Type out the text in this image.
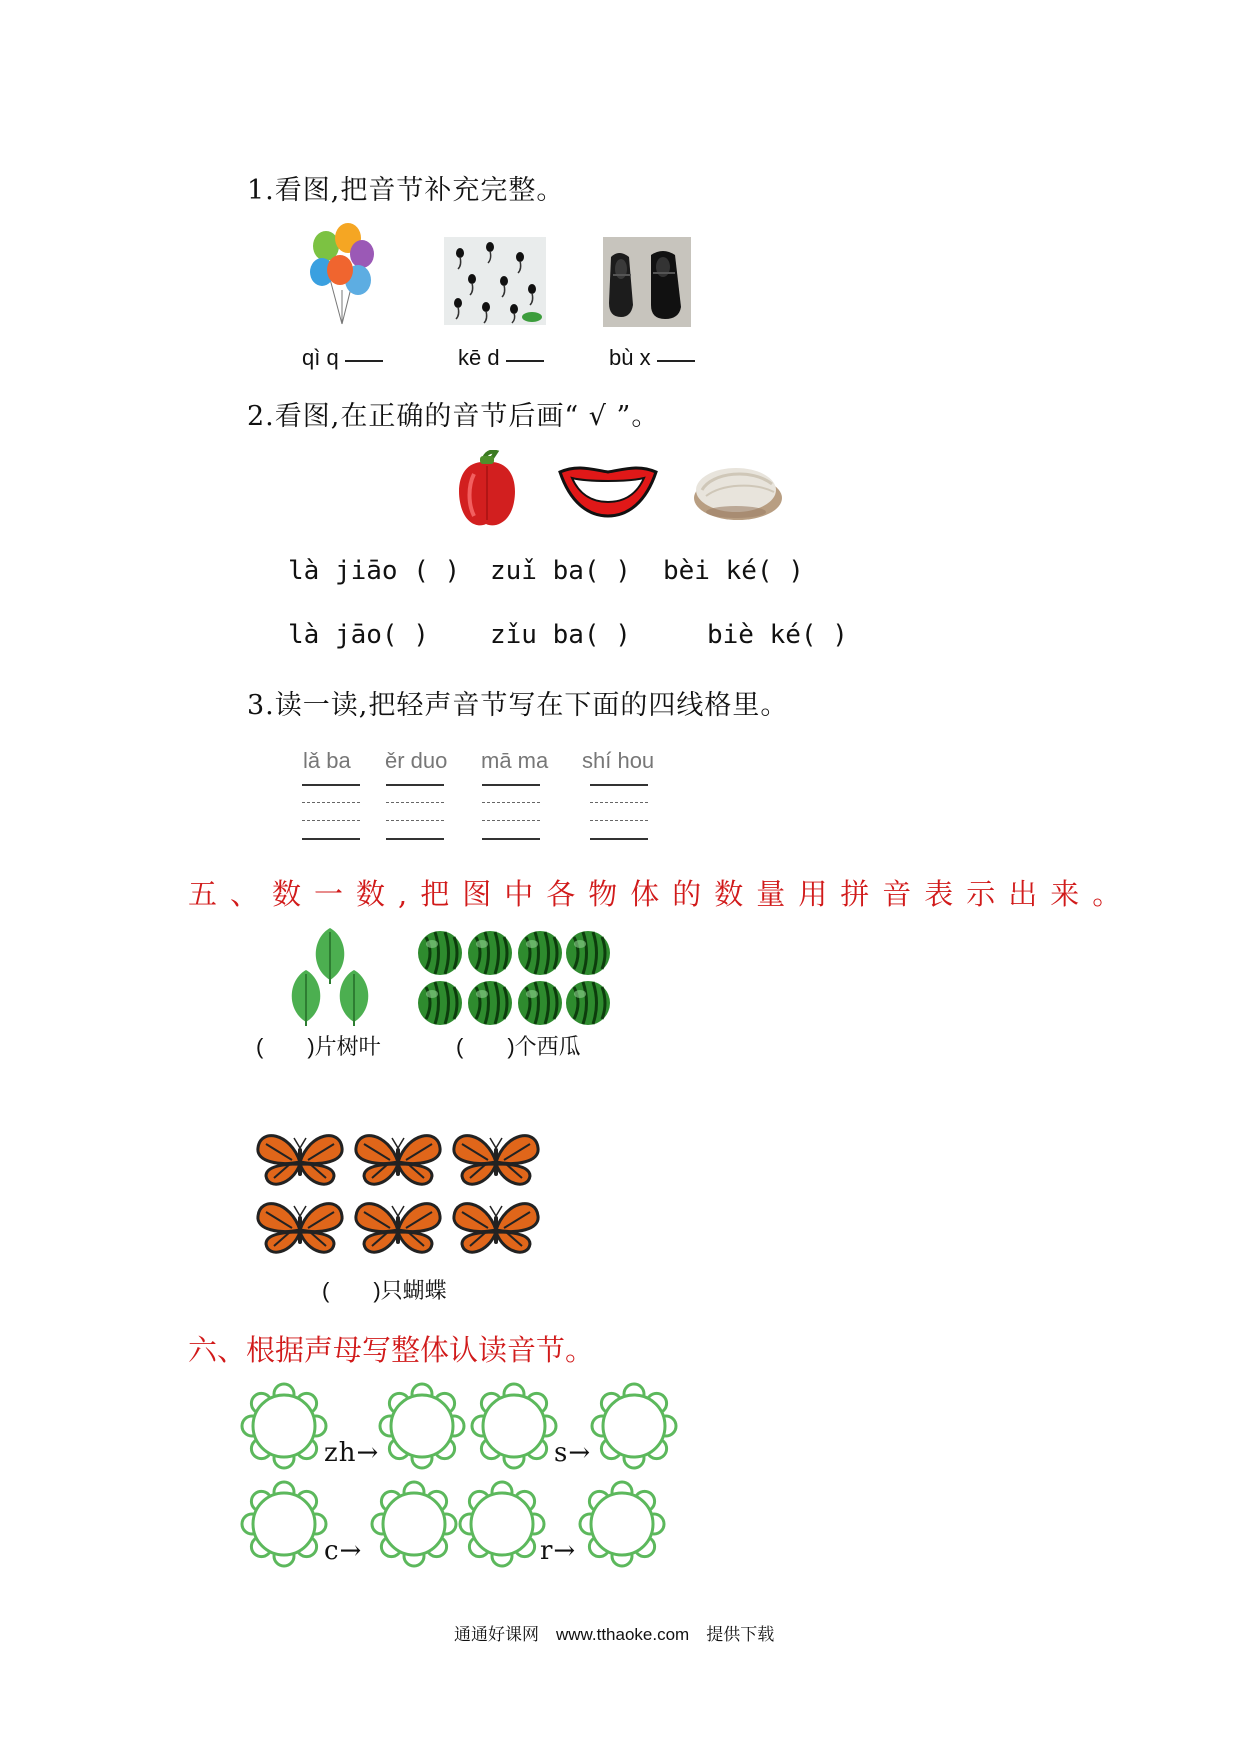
1.看图,把音节补充完整。
qì q	kē d	bù x
2.看图,在正确的音节后画“ √ ”。
là jiāo ( ) zuǐ ba( ) bèi ké( )
là jāo( ) zǐu ba( )	biè ké( )
3.读一读,把轻声音节写在下面的四线格里。
lǎ ba ěr duo mā ma shí hou
五、数一数,把图中各物体的数量用拼音表示出来。
(　　)片树叶	(　　)个西瓜
(　　)只蝴蝶
六、根据声母写整体认读音节。
zh→	s→
c→	r→
通通好课网　www.tthaoke.com　提供下载
